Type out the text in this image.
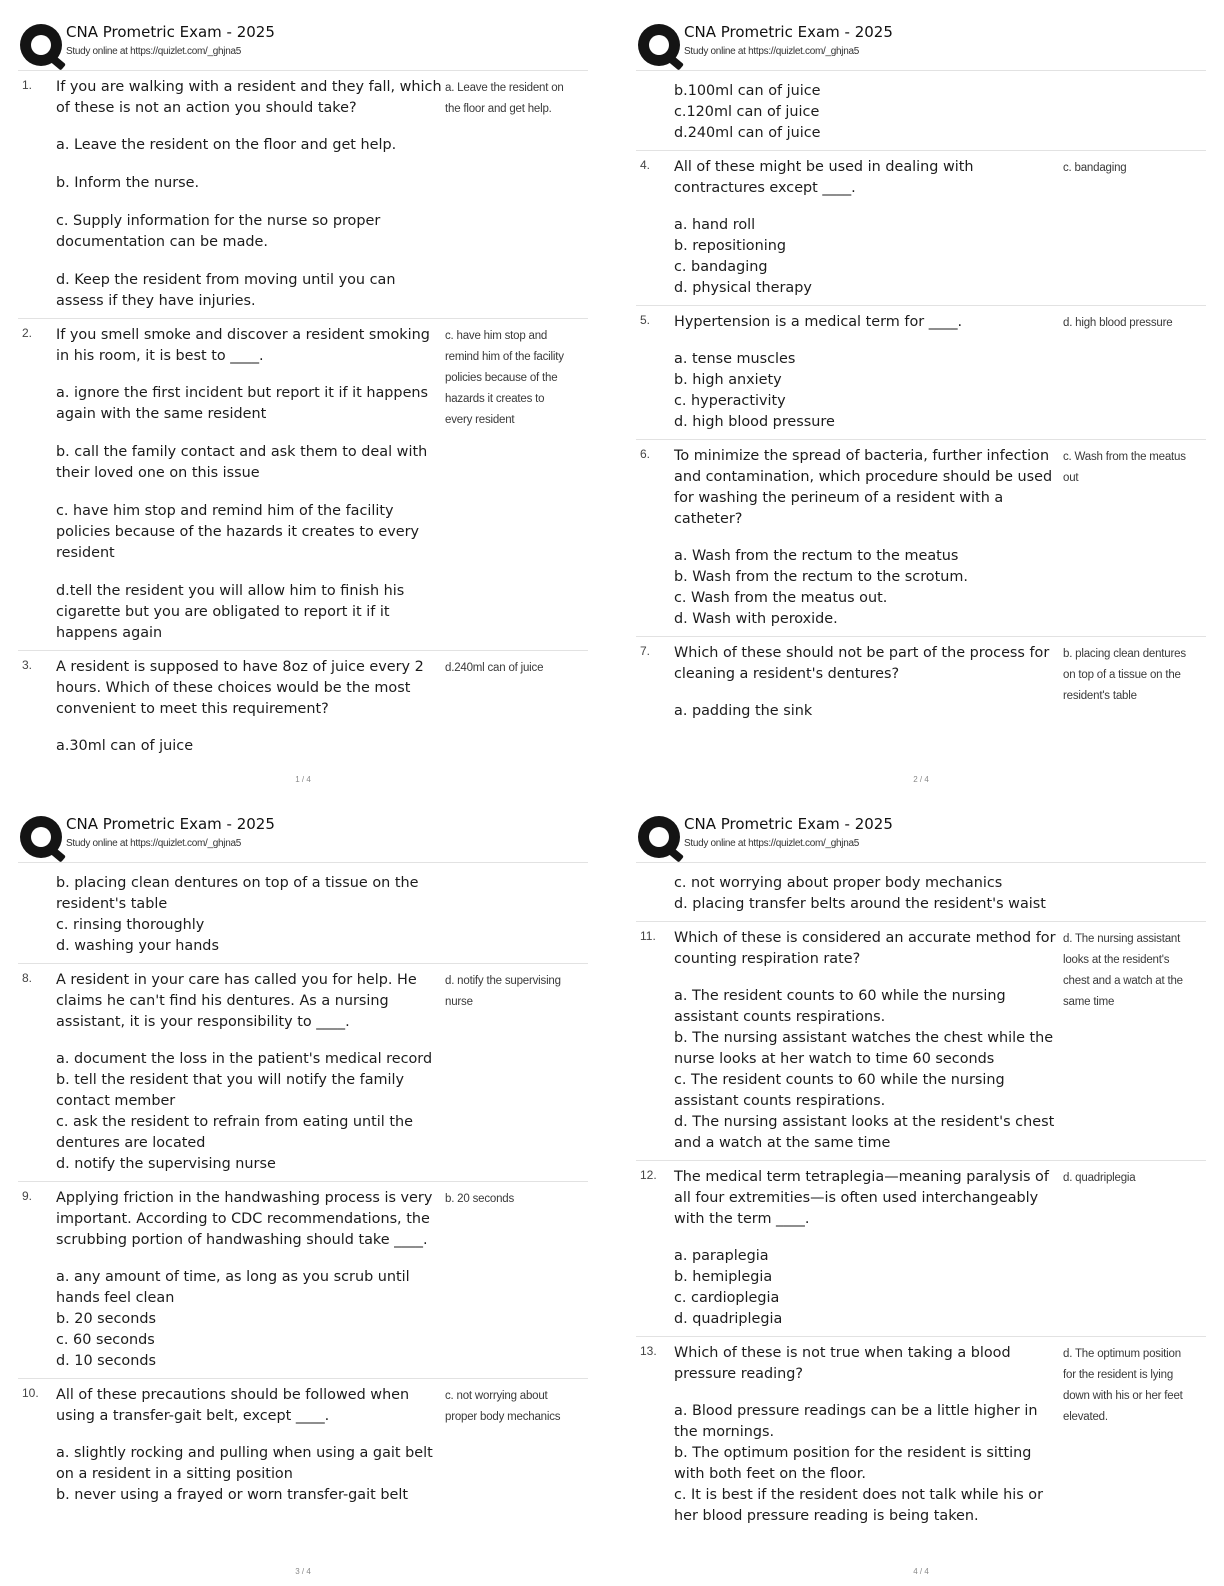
CNA Prometric Exam - 2025
Study online at https://quizlet.com/_ghjna5
1. If you are walking with a resident and they fall, which of these is not an action you should take?
a. Leave the resident on the floor and get help.
b. Inform the nurse.
c. Supply information for the nurse so proper documentation can be made.
d. Keep the resident from moving until you can assess if they have injuries.
a. Leave the resident on the floor and get help.
2. If you smell smoke and discover a resident smoking in his room, it is best to ____.
a. ignore the first incident but report it if it happens again with the same resident
b. call the family contact and ask them to deal with their loved one on this issue
c. have him stop and remind him of the facility policies because of the hazards it creates to every resident
d.tell the resident you will allow him to finish his cigarette but you are obligated to report it if it happens again
c. have him stop and remind him of the facility policies because of the hazards it creates to every resident
3. A resident is supposed to have 8oz of juice every 2 hours. Which of these choices would be the most convenient to meet this requirement?
a.30ml can of juice
d.240ml can of juice
1 / 4
CNA Prometric Exam - 2025
Study online at https://quizlet.com/_ghjna5
b.100ml can of juice
c.120ml can of juice
d.240ml can of juice
4. All of these might be used in dealing with contractures except ____.
a. hand roll
b. repositioning
c. bandaging
d. physical therapy
c. bandaging
5. Hypertension is a medical term for ____.
a. tense muscles
b. high anxiety
c. hyperactivity
d. high blood pressure
d. high blood pressure
6. To minimize the spread of bacteria, further infection and contamination, which procedure should be used for washing the perineum of a resident with a catheter?
a. Wash from the rectum to the meatus
b. Wash from the rectum to the scrotum.
c. Wash from the meatus out.
d. Wash with peroxide.
c. Wash from the meatus out
7. Which of these should not be part of the process for cleaning a resident's dentures?
a. padding the sink
b. placing clean dentures on top of a tissue on the resident's table
2 / 4
CNA Prometric Exam - 2025
Study online at https://quizlet.com/_ghjna5
b. placing clean dentures on top of a tissue on the resident's table
c. rinsing thoroughly
d. washing your hands
8. A resident in your care has called you for help. He claims he can't find his dentures. As a nursing assistant, it is your responsibility to ____.
a. document the loss in the patient's medical record
b. tell the resident that you will notify the family contact member
c. ask the resident to refrain from eating until the dentures are located
d. notify the supervising nurse
d. notify the supervising nurse
9. Applying friction in the handwashing process is very important. According to CDC recommendations, the scrubbing portion of handwashing should take ____.
a. any amount of time, as long as you scrub until hands feel clean
b. 20 seconds
c. 60 seconds
d. 10 seconds
b. 20 seconds
10. All of these precautions should be followed when using a transfer-gait belt, except ____.
a. slightly rocking and pulling when using a gait belt on a resident in a sitting position
b. never using a frayed or worn transfer-gait belt
c. not worrying about proper body mechanics
3 / 4
CNA Prometric Exam - 2025
Study online at https://quizlet.com/_ghjna5
c. not worrying about proper body mechanics
d. placing transfer belts around the resident's waist
11. Which of these is considered an accurate method for counting respiration rate?
a. The resident counts to 60 while the nursing assistant counts respirations.
b. The nursing assistant watches the chest while the nurse looks at her watch to time 60 seconds
c. The resident counts to 60 while the nursing assistant counts respirations.
d. The nursing assistant looks at the resident's chest and a watch at the same time
d. The nursing assistant looks at the resident's chest and a watch at the same time
12. The medical term tetraplegia—meaning paralysis of all four extremities—is often used interchangeably with the term ____.
a. paraplegia
b. hemiplegia
c. cardioplegia
d. quadriplegia
d. quadriplegia
13. Which of these is not true when taking a blood pressure reading?
a. Blood pressure readings can be a little higher in the mornings.
b. The optimum position for the resident is sitting with both feet on the floor.
c. It is best if the resident does not talk while his or her blood pressure reading is being taken.
d. The optimum position for the resident is lying down with his or her feet elevated.
4 / 4
